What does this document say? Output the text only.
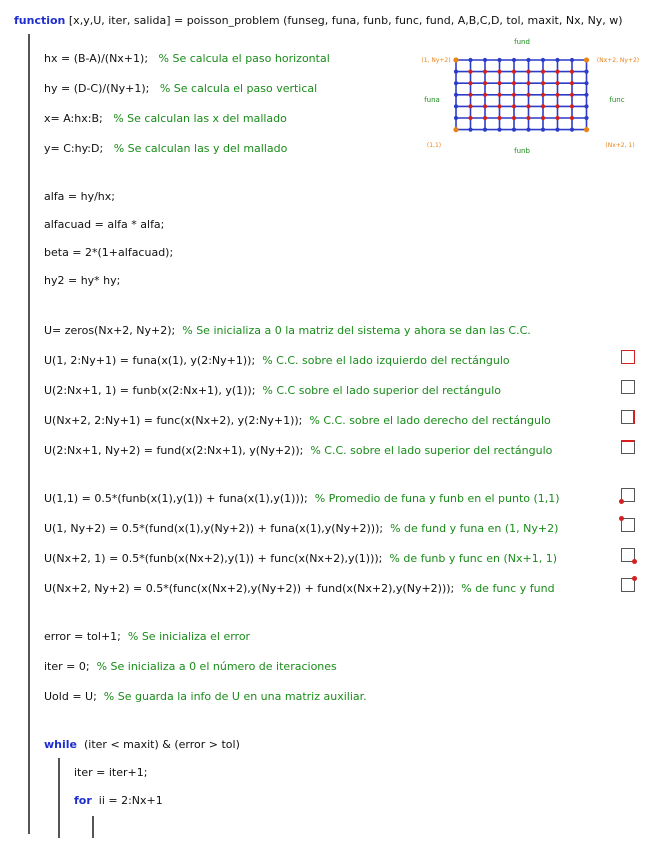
function [x,y,U, iter, salida] = poisson_problem (funseg, funa, funb, func, fund, A,B,C,D, tol, maxit, Nx, Ny, w)
hx = (B-A)/(Nx+1); % Se calcula el paso horizontal
hy = (D-C)/(Ny+1); % Se calcula el paso vertical
x= A:hx:B; % Se calculan las x del mallado
y= C:hy:D; % Se calculan las y del mallado
fund
funb
funa	func
(1, Ny+2)	(Nx+2, Ny+2)
(1,1)	(Nx+2, 1)
alfa = hy/hx;
alfacuad = alfa * alfa;
beta = 2*(1+alfacuad);
hy2 = hy* hy;
U= zeros(Nx+2, Ny+2); % Se inicializa a 0 la matriz del sistema y ahora se dan las C.C.
U(1, 2:Ny+1) = funa(x(1), y(2:Ny+1)); % C.C. sobre el lado izquierdo del rectángulo
U(2:Nx+1, 1) = funb(x(2:Nx+1), y(1)); % C.C sobre el lado superior del rectángulo
U(Nx+2, 2:Ny+1) = func(x(Nx+2), y(2:Ny+1)); % C.C. sobre el lado derecho del rectángulo
U(2:Nx+1, Ny+2) = fund(x(2:Nx+1), y(Ny+2)); % C.C. sobre el lado superior del rectángulo
U(1,1) = 0.5*(funb(x(1),y(1)) + funa(x(1),y(1))); % Promedio de funa y funb en el punto (1,1)
U(1, Ny+2) = 0.5*(fund(x(1),y(Ny+2)) + funa(x(1),y(Ny+2))); % de fund y funa en (1, Ny+2)
U(Nx+2, 1) = 0.5*(funb(x(Nx+2),y(1)) + func(x(Nx+2),y(1))); % de funb y func en (Nx+1, 1)
U(Nx+2, Ny+2) = 0.5*(func(x(Nx+2),y(Ny+2)) + fund(x(Nx+2),y(Ny+2))); % de func y fund
error = tol+1; % Se inicializa el error
iter = 0; % Se inicializa a 0 el número de iteraciones
Uold = U; % Se guarda la info de U en una matriz auxiliar.
while (iter < maxit) & (error > tol)
iter = iter+1;
for ii = 2:Nx+1
